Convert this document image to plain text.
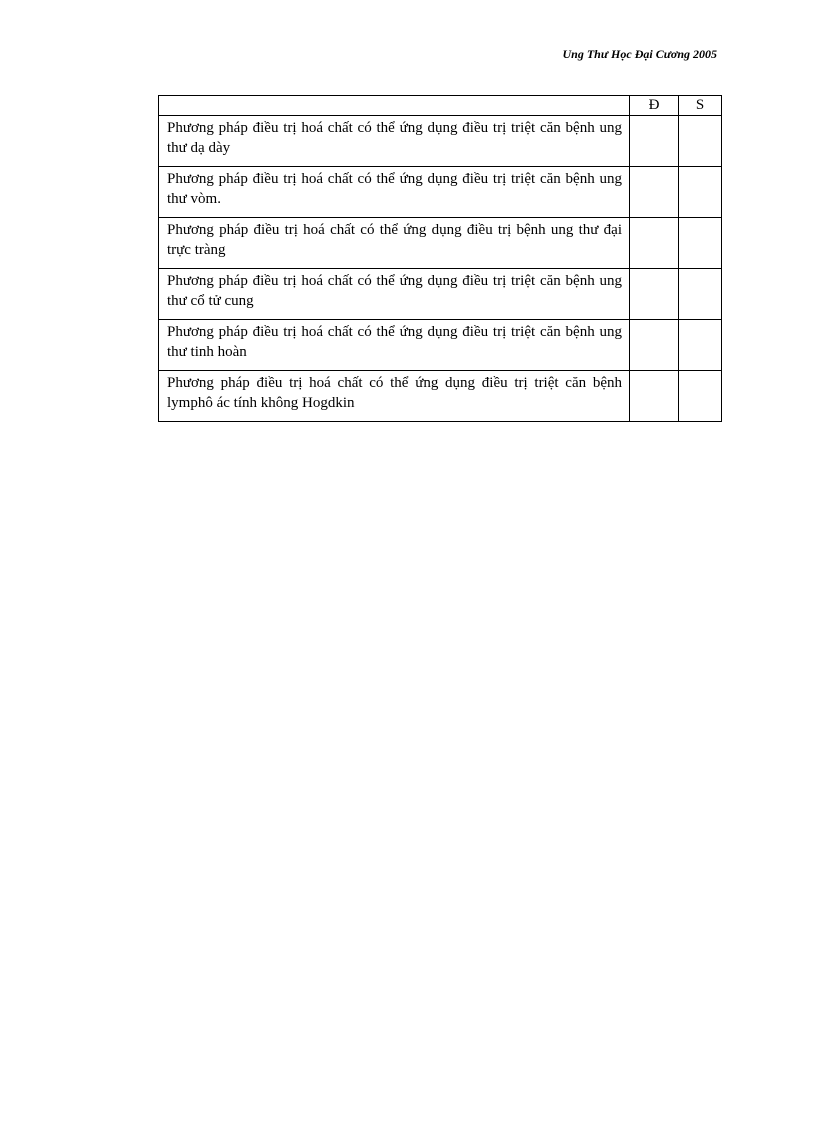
Ung Thư Học Đại Cương 2005
	Đ	S
Phương pháp điều trị hoá chất có thể ứng dụng điều trị triệt căn bệnh ung thư dạ dày		
Phương pháp điều trị hoá chất có thể ứng dụng điều trị triệt căn bệnh ung thư vòm.		
Phương pháp điều trị hoá chất có thể ứng dụng điều trị bệnh ung thư đại trực tràng		
Phương pháp điều trị hoá chất có thể ứng dụng điều trị triệt căn bệnh ung thư cổ tử cung		
Phương pháp điều trị hoá chất có thể ứng dụng điều trị triệt căn bệnh ung thư tinh hoàn		
Phương pháp điều trị hoá chất có thể ứng dụng điều trị triệt căn bệnh lymphô ác tính không Hogdkin		
